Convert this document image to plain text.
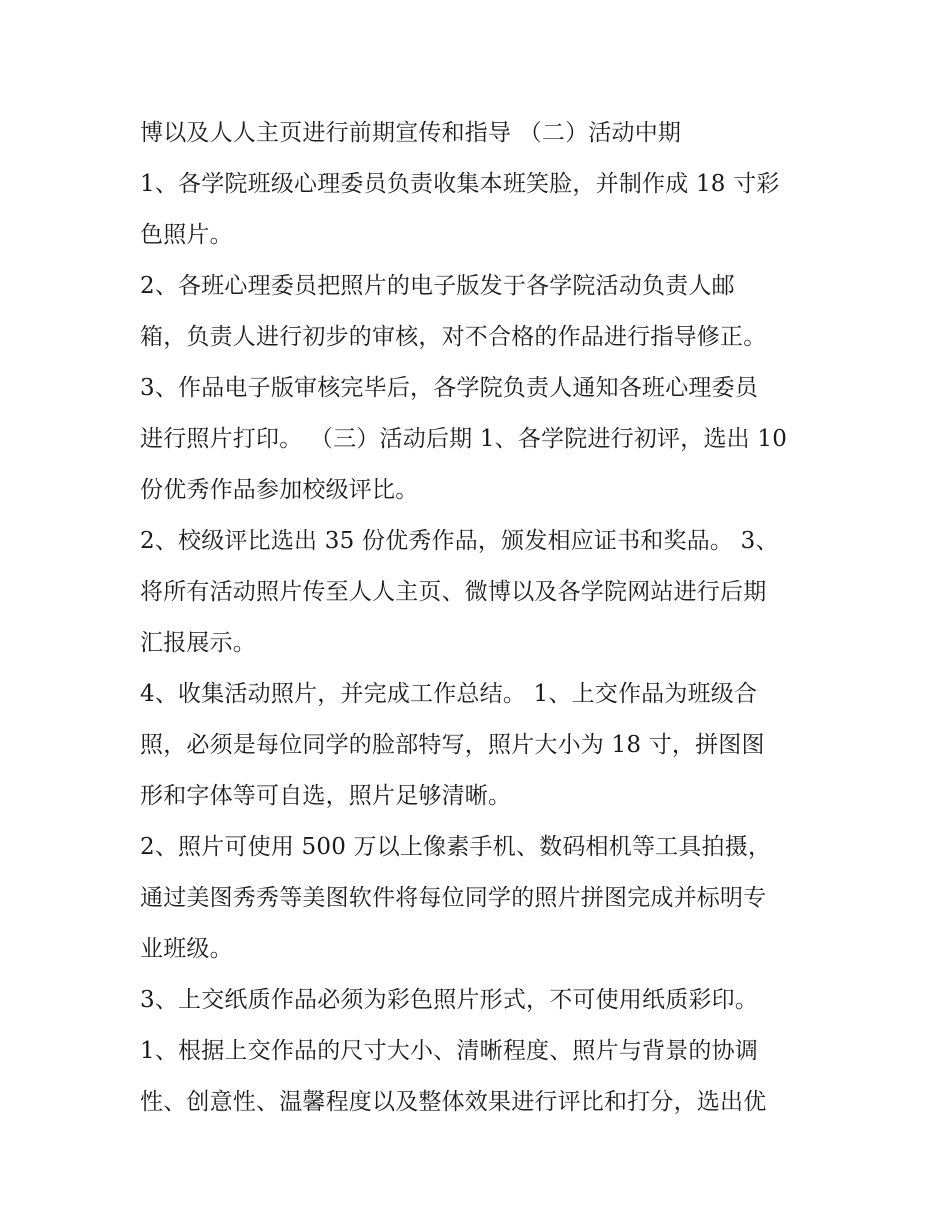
博以及人人主页进行前期宣传和指导 （二）活动中期
1、各学院班级心理委员负责收集本班笑脸，并制作成 18 寸彩
色照片。
2、各班心理委员把照片的电子版发于各学院活动负责人邮
箱，负责人进行初步的审核，对不合格的作品进行指导修正。
3、作品电子版审核完毕后，各学院负责人通知各班心理委员
进行照片打印。 （三）活动后期 1、各学院进行初评，选出 10
份优秀作品参加校级评比。
2、校级评比选出 35 份优秀作品，颁发相应证书和奖品。 3、
将所有活动照片传至人人主页、微博以及各学院网站进行后期
汇报展示。
4、收集活动照片，并完成工作总结。 1、上交作品为班级合
照，必须是每位同学的脸部特写，照片大小为 18 寸，拼图图
形和字体等可自选，照片足够清晰。
2、照片可使用 500 万以上像素手机、数码相机等工具拍摄，
通过美图秀秀等美图软件将每位同学的照片拼图完成并标明专
业班级。
3、上交纸质作品必须为彩色照片形式，不可使用纸质彩印。
1、根据上交作品的尺寸大小、清晰程度、照片与背景的协调
性、创意性、温馨程度以及整体效果进行评比和打分，选出优
